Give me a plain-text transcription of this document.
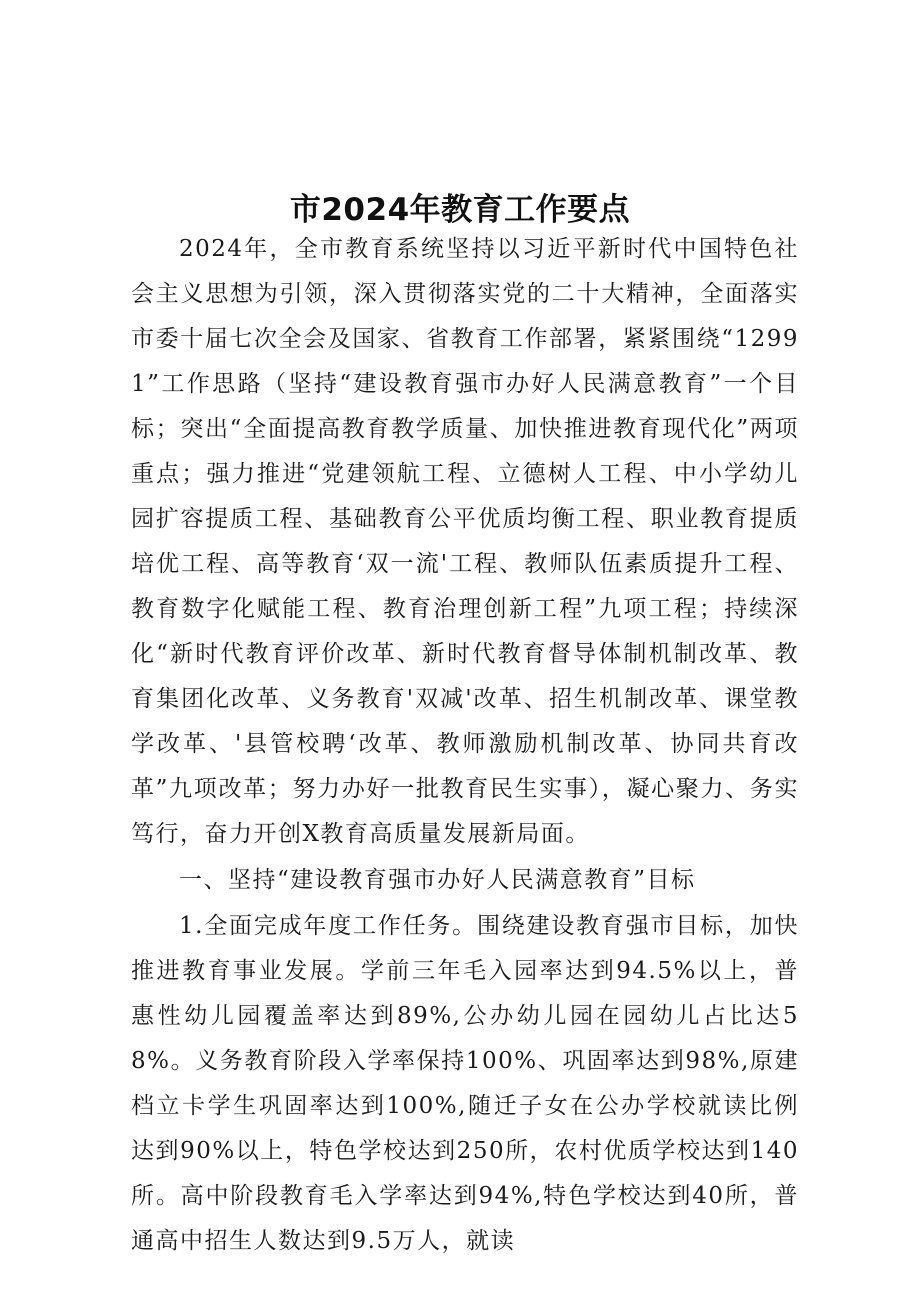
市2024年教育工作要点

2024年，全市教育系统坚持以习近平新时代中国特色社会主义思想为引领，深入贯彻落实党的二十大精神，全面落实市委十届七次全会及国家、省教育工作部署，紧紧围绕“12991”工作思路（坚持“建设教育强市办好人民满意教育”一个目标；突出“全面提高教育教学质量、加快推进教育现代化”两项重点；强力推进“党建领航工程、立德树人工程、中小学幼儿园扩容提质工程、基础教育公平优质均衡工程、职业教育提质培优工程、高等教育‘双一流'工程、教师队伍素质提升工程、教育数字化赋能工程、教育治理创新工程”九项工程；持续深化“新时代教育评价改革、新时代教育督导体制机制改革、教育集团化改革、义务教育'双减'改革、招生机制改革、课堂教学改革、'县管校聘‘改革、教师激励机制改革、协同共育改革”九项改革；努力办好一批教育民生实事），凝心聚力、务实笃行，奋力开创X教育高质量发展新局面。

一、坚持“建设教育强市办好人民满意教育”目标

1.全面完成年度工作任务。围绕建设教育强市目标，加快推进教育事业发展。学前三年毛入园率达到94.5%以上，普惠性幼儿园覆盖率达到89%,公办幼儿园在园幼儿占比达58%。义务教育阶段入学率保持100%、巩固率达到98%,原建档立卡学生巩固率达到100%,随迁子女在公办学校就读比例达到90%以上，特色学校达到250所，农村优质学校达到140所。高中阶段教育毛入学率达到94%,特色学校达到40所，普通高中招生人数达到9.5万人，就读
